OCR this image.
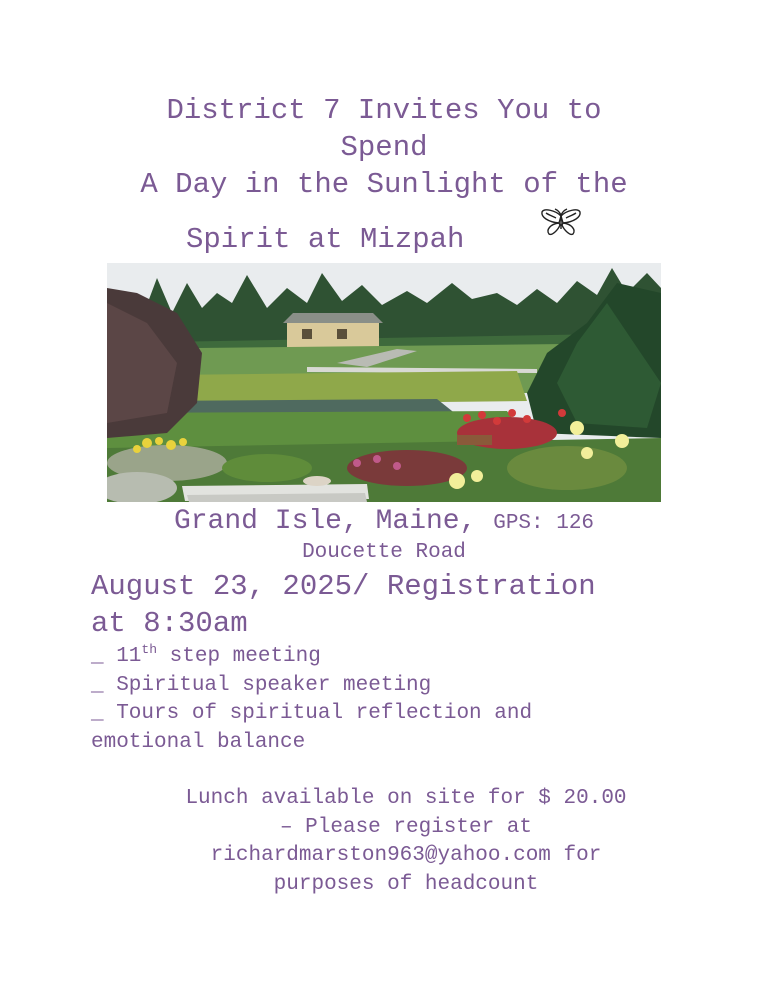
District 7 Invites You to
Spend
A Day in the Sunlight of the
Spirit at Mizpah
Grand Isle, Maine, GPS: 126
Doucette Road
August 23, 2025/ Registration
at 8:30am
_ 11th step meeting
_ Spiritual speaker meeting
_ Tours of spiritual reflection and
emotional balance
Lunch available on site for $ 20.00
– Please register at
richardmarston963@yahoo.com for
purposes of headcount
